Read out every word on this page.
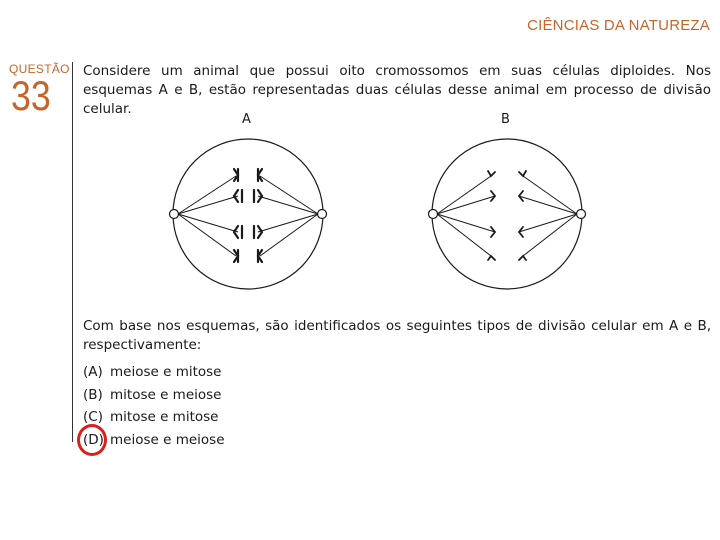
CIÊNCIAS DA NATUREZA
QUESTÃO
33
Considere um animal que possui oito cromossomos em suas células diploides. Nos esquemas A e B, estão representadas duas células desse animal em processo de divisão celular.
A	B
Com base nos esquemas, são identificados os seguintes tipos de divisão celular em A e B, respectivamente:
(A) meiose e mitose
(B) mitose e meiose
(C) mitose e mitose
(D) meiose e meiose
